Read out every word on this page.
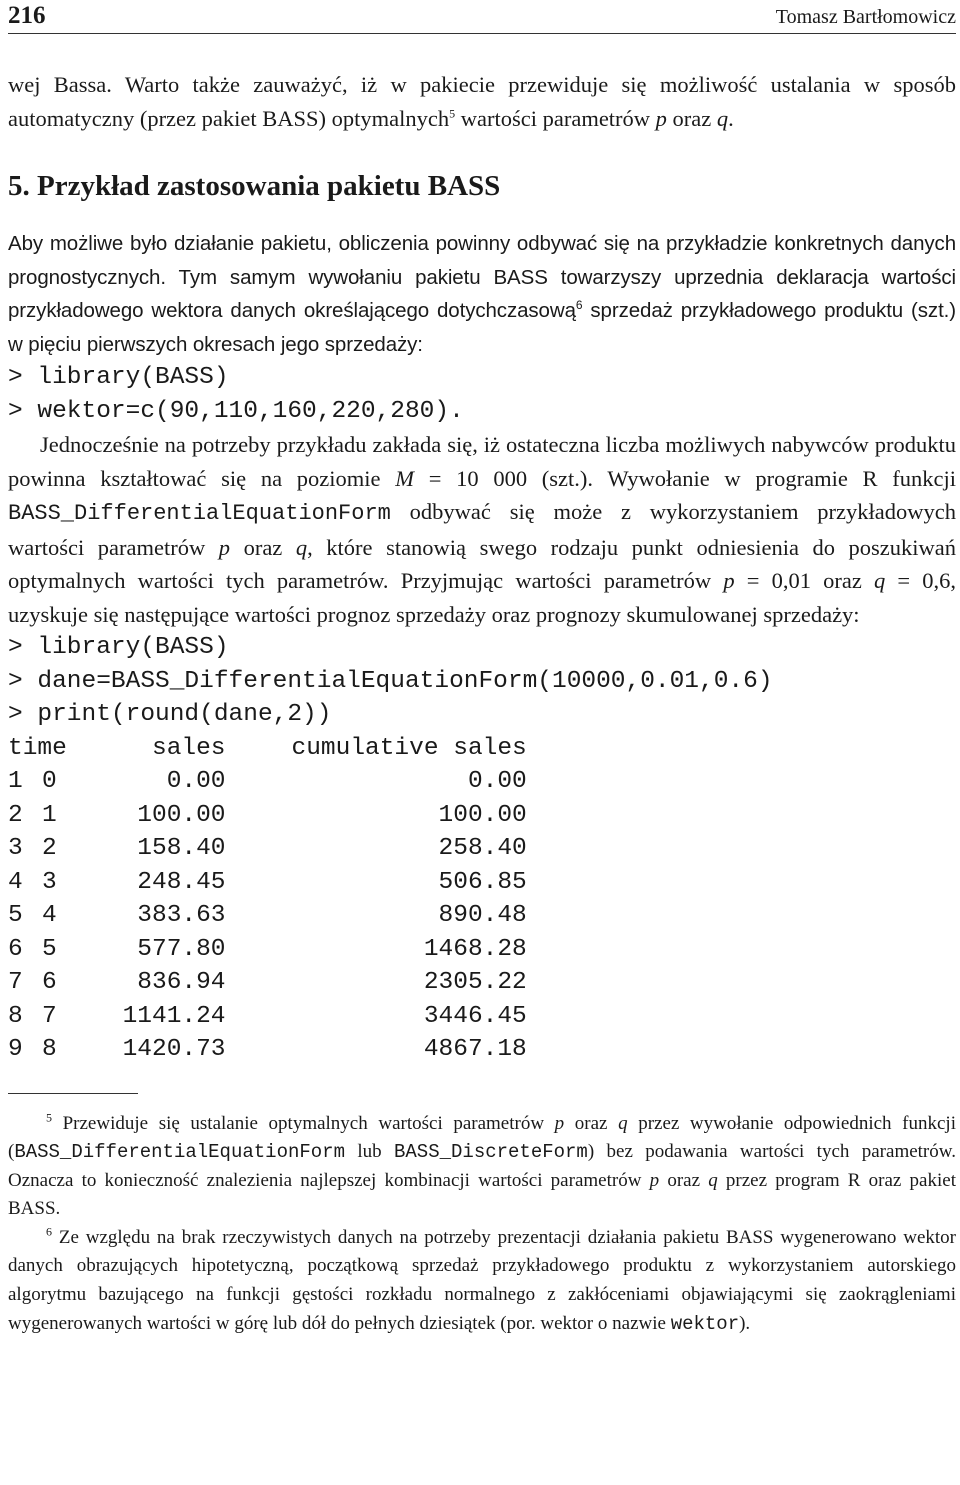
216	Tomasz Bartłomowicz

wej Bassa. Warto także zauważyć, iż w pakiecie przewiduje się możliwość ustalania w sposób automatyczny (przez pakiet BASS) optymalnych$^5$ wartości parametrów p oraz q.

5. Przykład zastosowania pakietu BASS

Aby możliwe było działanie pakietu, obliczenia powinny odbywać się na przykładzie konkretnych danych prognostycznych. Tym samym wywołaniu pakietu BASS towarzyszy uprzednia deklaracja wartości przykładowego wektora danych określającego dotychczasową$^6$ sprzedaż przykładowego produktu (szt.) w pięciu pierwszych okresach jego sprzedaży:

> library(BASS)
> wektor=c(90,110,160,220,280).

Jednocześnie na potrzeby przykładu zakłada się, iż ostateczna liczba możliwych nabywców produktu powinna kształtować się na poziomie M = 10 000 (szt.). Wywołanie w programie R funkcji BASS_DifferentialEquationForm odbywać się może z wykorzystaniem przykładowych wartości parametrów p oraz q, które stanowią swego rodzaju punkt odniesienia do poszukiwań optymalnych wartości tych parametrów. Przyjmując wartości parametrów p = 0,01 oraz q = 0,6, uzyskuje się następujące wartości prognoz sprzedaży oraz prognozy skumulowanej sprzedaży:

> library(BASS)
> dane=BASS_DifferentialEquationForm(10000,0.01,0.6)
> print(round(dane,2))
time		sales	cumulative sales	
1	0	0.00		0.00
2	1	100.00		100.00
3	2	158.40		258.40
4	3	248.45		506.85
5	4	383.63		890.48
6	5	577.80		1468.28
7	6	836.94		2305.22
8	7	1141.24		3446.45
9	8	1420.73		4867.18

$^5$ Przewiduje się ustalanie optymalnych wartości parametrów p oraz q przez wywołanie odpowiednich funkcji (BASS_DifferentialEquationForm lub BASS_DiscreteForm) bez podawania wartości tych parametrów. Oznacza to konieczność znalezienia najlepszej kombinacji wartości parametrów p oraz q przez program R oraz pakiet BASS.

$^6$ Ze względu na brak rzeczywistych danych na potrzeby prezentacji działania pakietu BASS wygenerowano wektor danych obrazujących hipotetyczną, początkową sprzedaż przykładowego produktu z wykorzystaniem autorskiego algorytmu bazującego na funkcji gęstości rozkładu normalnego z zakłóceniami objawiającymi się zaokrągleniami wygenerowanych wartości w górę lub dół do pełnych dziesiątek (por. wektor o nazwie wektor).
